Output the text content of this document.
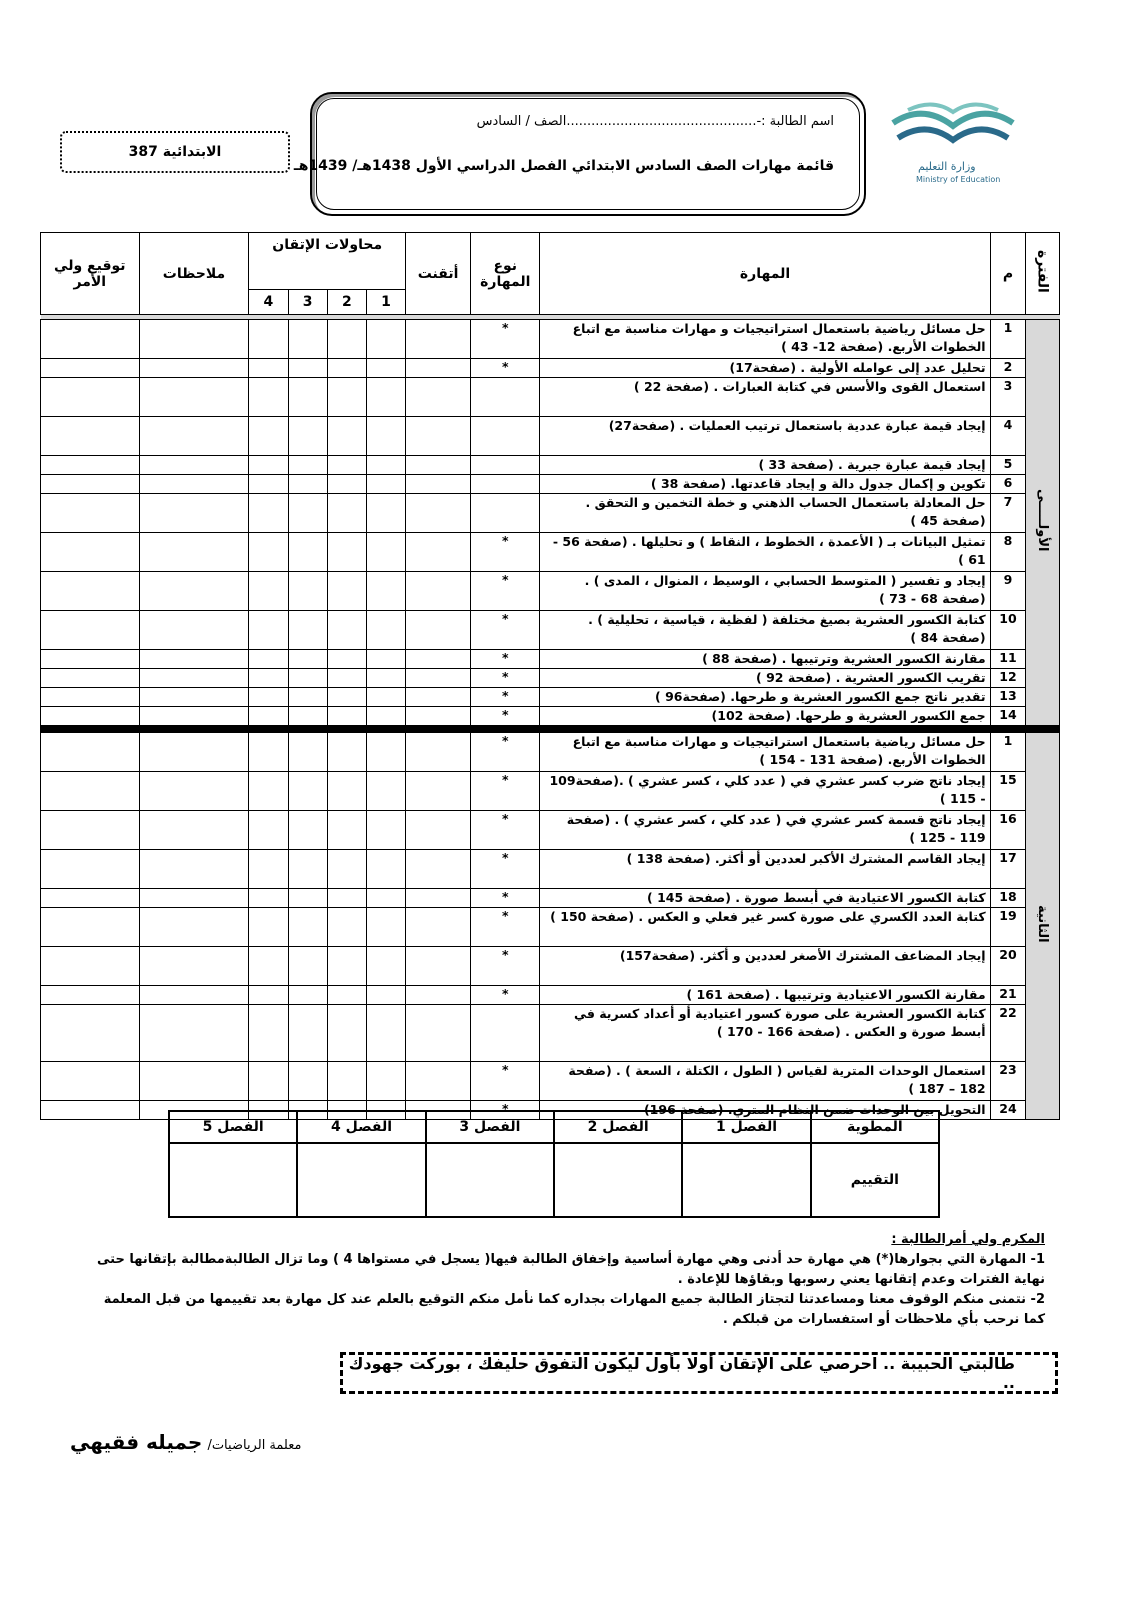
وزارة التعليم
Ministry of Education
الابتدائية 387
اسم الطالبة :-..............................................الصف / السادس
قائمة مهارات الصف السادس الابتدائي الفصل الدراسي الأول 1438هـ/ 1439هـ
الفترة	م	المهارة	نوع المهارة	أتقنت	محاولات الإتقان				ملاحظات	توقيع ولي الأمر
					1	2	3	4		

الأولـــــى	1	حل مسائل رياضية باستعمال استراتيجيات و مهارات مناسبة مع اتباع الخطوات الأربع. (صفحة 12- 43 )	*							
	2	تحليل عدد إلى عوامله الأولية . (صفحة17)	*							
	3	استعمال القوى والأسس في كتابة العبارات . (صفحة 22 )								
	4	إيجاد قيمة عبارة عددية باستعمال ترتيب العمليات . (صفحة27)								
	5	إيجاد قيمة عبارة جبرية . (صفحة 33 )								
	6	تكوين و إكمال جدول دالة و إيجاد قاعدتها. (صفحة 38 )								
	7	حل المعادلة باستعمال الحساب الذهني و خطة التخمين و التحقق . (صفحة 45 )								
	8	تمثيل البيانات بـ ( الأعمدة ، الخطوط ، النقاط ) و تحليلها . (صفحة 56 - 61 )	*							
	9	إيجاد و تفسير ( المتوسط الحسابي ، الوسيط ، المنوال ، المدى ) . (صفحة 68 - 73 )	*							
	10	كتابة الكسور العشرية بصيغ مختلفة ( لفظية ، قياسية ، تحليلية ) . (صفحة 84 )	*							
	11	مقارنة الكسور العشرية وترتيبها . (صفحة 88 )	*							
	12	تقريب الكسور العشرية . (صفحة 92 )	*							
	13	تقدير ناتج جمع الكسور العشرية و طرحها. (صفحة96 )	*							
	14	جمع الكسور العشرية و طرحها. (صفحة 102)	*							

الثانية	1	حل مسائل رياضية باستعمال استراتيجيات و مهارات مناسبة مع اتباع الخطوات الأربع. (صفحة 131 - 154 )	*							
	15	إيجاد ناتج ضرب كسر عشري في ( عدد كلي ، كسر عشري ) .(صفحة109 - 115 )	*							
	16	إيجاد ناتج قسمة كسر عشري في ( عدد كلي ، كسر عشري ) . (صفحة 119 - 125 )	*							
	17	إيجاد القاسم المشترك الأكبر لعددين أو أكثر. (صفحة 138 )	*							
	18	كتابة الكسور الاعتيادية في أبسط صورة . (صفحة 145 )	*							
	19	كتابة العدد الكسري على صورة كسر غير فعلي و العكس . (صفحة 150 )	*							
	20	إيجاد المضاعف المشترك الأصغر لعددين و أكثر. (صفحة157)	*							
	21	مقارنة الكسور الاعتيادية وترتيبها . (صفحة 161 )	*							
	22	كتابة الكسور العشرية على صورة كسور اعتيادية أو أعداد كسرية في أبسط صورة و العكس . (صفحة 166 - 170 )								
	23	استعمال الوحدات المترية لقياس ( الطول ، الكتلة ، السعة ) . (صفحة 182 – 187 )	*							
	24	التحويل بين الوحدات ضمن النظام المتري. (صفحة 196)	*							
المطوية	الفصل 1	الفصل 2	الفصل 3	الفصل 4	الفصل 5
التقييم					
المكرم ولي أمرالطالبة :
1- المهارة التي بجوارها(*) هي مهارة حد أدنى وهي مهارة أساسية وإخفاق الطالبة فيها( يسجل في مستواها 4 ) وما تزال الطالبةمطالبة بإتقانها حتى نهاية الفترات وعدم إتقانها يعني رسوبها وبقاؤها للإعادة .
2- نتمنى منكم الوقوف معنا ومساعدتنا لتجتاز الطالبة جميع المهارات بجداره كما نأمل منكم التوقيع بالعلم عند كل مهارة بعد تقييمها من قبل المعلمة كما نرحب بأي ملاحظات أو استفسارات من قبلكم .
طالبتي الحبيبة .. احرصي على الإتقان أولا بأول ليكون التفوق حليفك ، بوركت جهودك ..
معلمة الرياضيات/ جميله فقيهي
